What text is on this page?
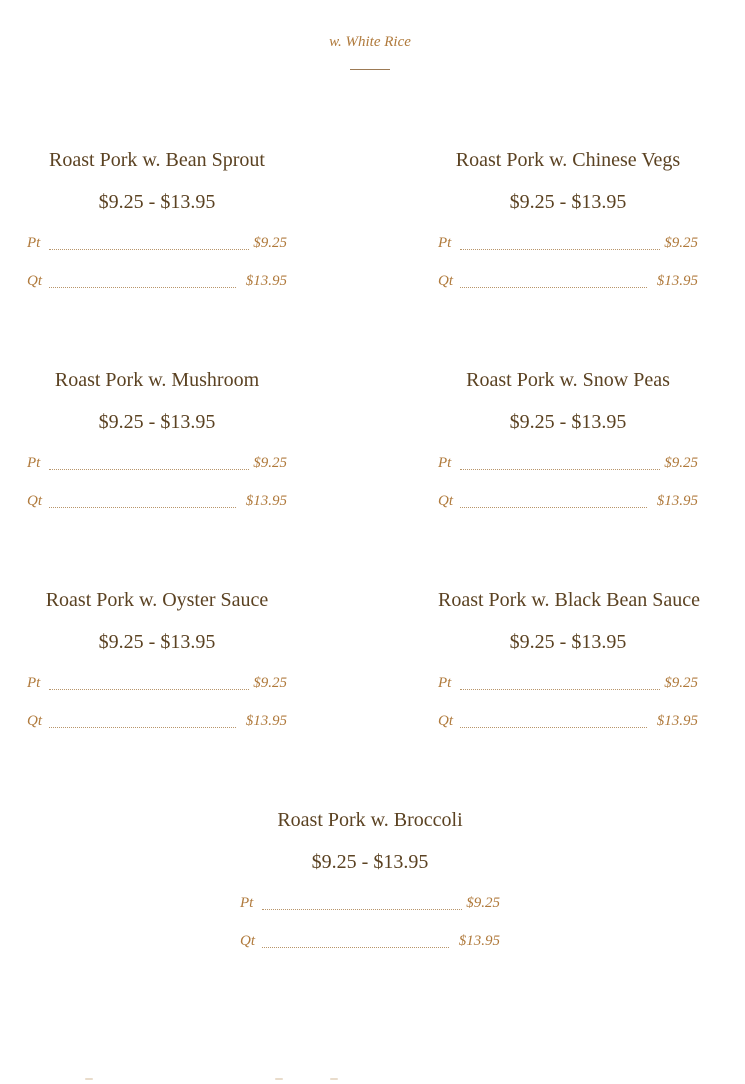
w. White Rice
Roast Pork w. Bean Sprout
$9.25 - $13.95
Pt	$9.25
Qt	$13.95
Roast Pork w. Chinese Vegs
$9.25 - $13.95
Pt	$9.25
Qt	$13.95
Roast Pork w. Mushroom
$9.25 - $13.95
Pt	$9.25
Qt	$13.95
Roast Pork w. Snow Peas
$9.25 - $13.95
Pt	$9.25
Qt	$13.95
Roast Pork w. Oyster Sauce
$9.25 - $13.95
Pt	$9.25
Qt	$13.95
Roast Pork w. Black Bean Sauce
$9.25 - $13.95
Pt	$9.25
Qt	$13.95
Roast Pork w. Broccoli
$9.25 - $13.95
Pt	$9.25
Qt	$13.95
